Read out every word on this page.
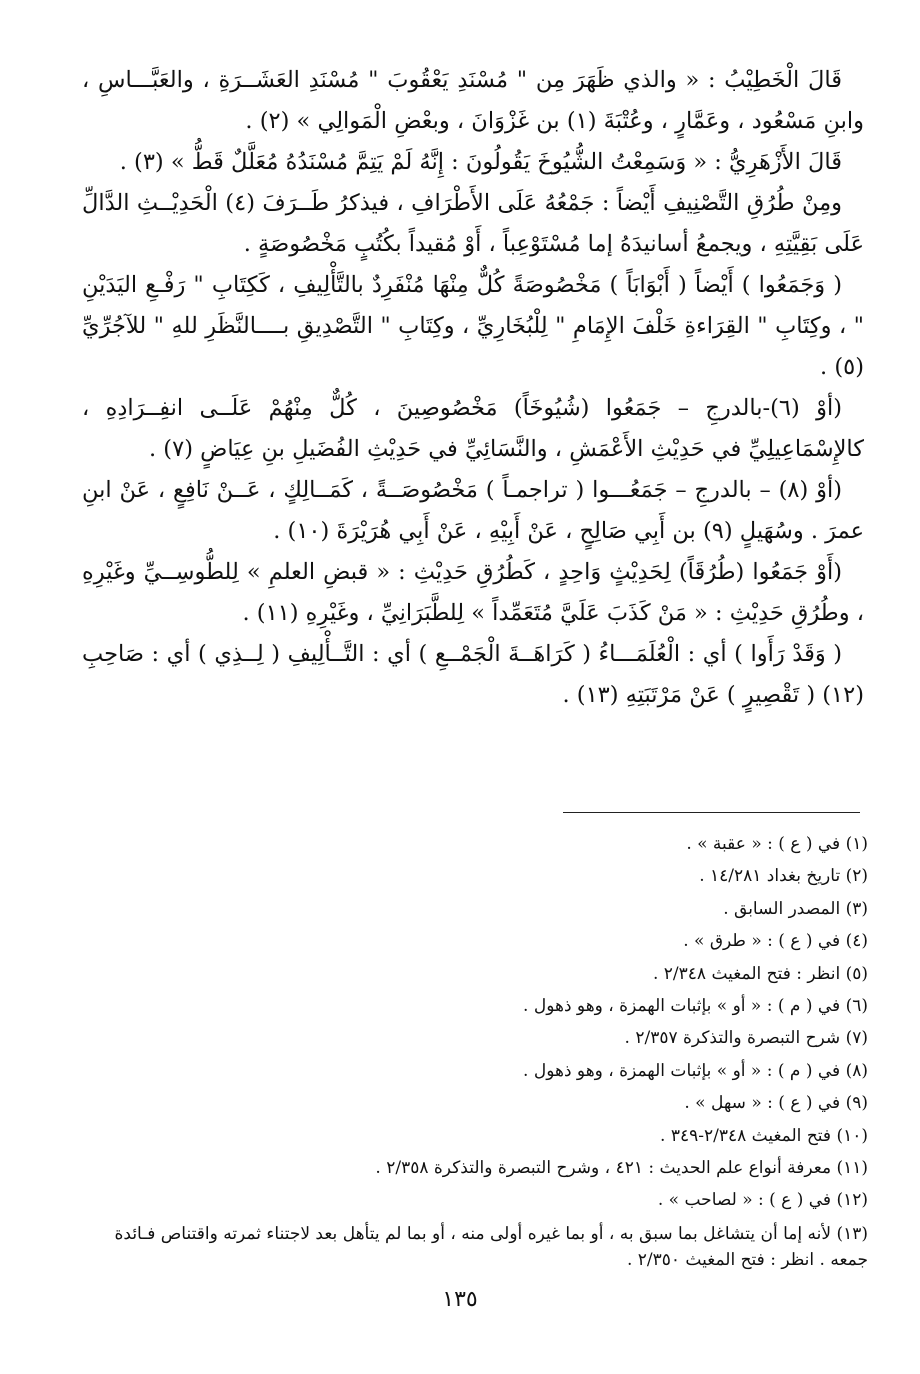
قَالَ الْخَطِيْبُ : « والذي ظَهَرَ مِن " مُسْنَدِ يَعْقُوبَ " مُسْنَدِ العَشَــرَةِ ، والعَبَّـــاسِ ، وابنِ مَسْعُود ، وعَمَّارٍ ، وعُتْبَةَ (١) بن غَزْوَانَ ، وبعْضِ الْمَوالِي » (٢) .

قَالَ الأَزْهَرِيُّ : « وَسَمِعْتُ الشُّيُوخَ يَقُولُونَ : إِنَّهُ لَمْ يَتِمَّ مُسْنَدُهُ مُعَلَّلٌ قَطُّ » (٣) .

ومِنْ طُرُقِ التَّصْنِيفِ أَيْضاً : جَمْعُهُ عَلَى الأَطْرَافِ ، فيذكرُ طَــرَفَ (٤) الْحَدِيْــثِ الدَّالِّ عَلَى بَقِيَّتِهِ ، ويجمعُ أسانيدَهُ إما مُسْتَوْعِباً ، أَوْ مُقيداً بكُتُبٍ مَخْصُوصَةٍ .

( وَجَمَعُوا ) أَيْضاً ( أَبْوَابَاً ) مَخْصُوصَةً كُلٌّ مِنْهَا مُنْفَرِدٌ بالتَّأْلِيفِ ، كَكِتَابِ " رَفْـعِ اليَدَيْنِ " ، وكِتَابِ " القِرَاءةِ خَلْفَ الإِمَامِ " لِلْبُخَارِيِّ ، وكِتَابِ " التَّصْدِيقِ بــــالنَّظَرِ للهِ " للآجُرِّيِّ (٥) .

(أوْ (٦)-بالدرجِ – جَمَعُوا (شُيُوخَاً) مَخْصُوصِينَ ، كُلٌّ مِنْهُمْ عَلَــى انفِــرَادِهِ ، كالإِسْمَاعِيلِيِّ في حَدِيْثِ الأَعْمَشِ ، والنَّسَائِيِّ في حَدِيْثِ الفُضَيلِ بنِ عِيَاضٍ (٧) .

(أوْ (٨) – بالدرجِ – جَمَعُـــوا ( تراجمـاً ) مَخْصُوصَــةً ، كَمَــالِكٍ ، عَــنْ نَافِعٍ ، عَنْ ابنِ عمرَ . وسُهَيلٍ (٩) بن أَبِي صَالِحٍ ، عَنْ أَبِيْهِ ، عَنْ أَبِي هُرَيْرَةَ (١٠) .

(أَوْ جَمَعُوا (طُرُقَاً) لِحَدِيْثٍ وَاحِدٍ ، كَطُرُقِ حَدِيْثِ : « قبضِ العلمِ » لِلطُّوسِــيِّ وغَيْرِهِ ، وطُرُقِ حَدِيْثِ : « مَنْ كَذَبَ عَلَيَّ مُتَعَمِّداً » لِلطَّبَرَانِيِّ ، وغَيْرِهِ (١١) .

( وَقَدْ رَأَوا ) أي : الْعُلَمَـــاءُ ( كَرَاهَــةَ الْجَمْــعِ ) أي : التَّــأْلِيفِ ( لِــذِي ) أي : صَاحِبِ (١٢) ( تَقْصِيرٍ ) عَنْ مَرْتَبَتِهِ (١٣) .

(١) في ( ع ) : « عقبة » .

(٢) تاريخ بغداد ١٤/٢٨١ .

(٣) المصدر السابق .

(٤) في ( ع ) : « طرق » .

(٥) انظر : فتح المغيث ٢/٣٤٨ .

(٦) في ( م ) : « أو » بإثبات الهمزة ، وهو ذهول .

(٧) شرح التبصرة والتذكرة ٢/٣٥٧ .

(٨) في ( م ) : « أو » بإثبات الهمزة ، وهو ذهول .

(٩) في ( ع ) : « سهل » .

(١٠) فتح المغيث ٢/٣٤٨-٣٤٩ .

(١١) معرفة أنواع علم الحديث : ٤٢١ ، وشرح التبصرة والتذكرة ٢/٣٥٨ .

(١٢) في ( ع ) : « لصاحب » .

(١٣) لأنه إما أن يتشاغل بما سبق به ، أو بما غيره أولى منه ، أو بما لم يتأهل بعد لاجتناء ثمرته واقتناص فـائدة جمعه . انظر : فتح المغيث ٢/٣٥٠ .

١٣٥
